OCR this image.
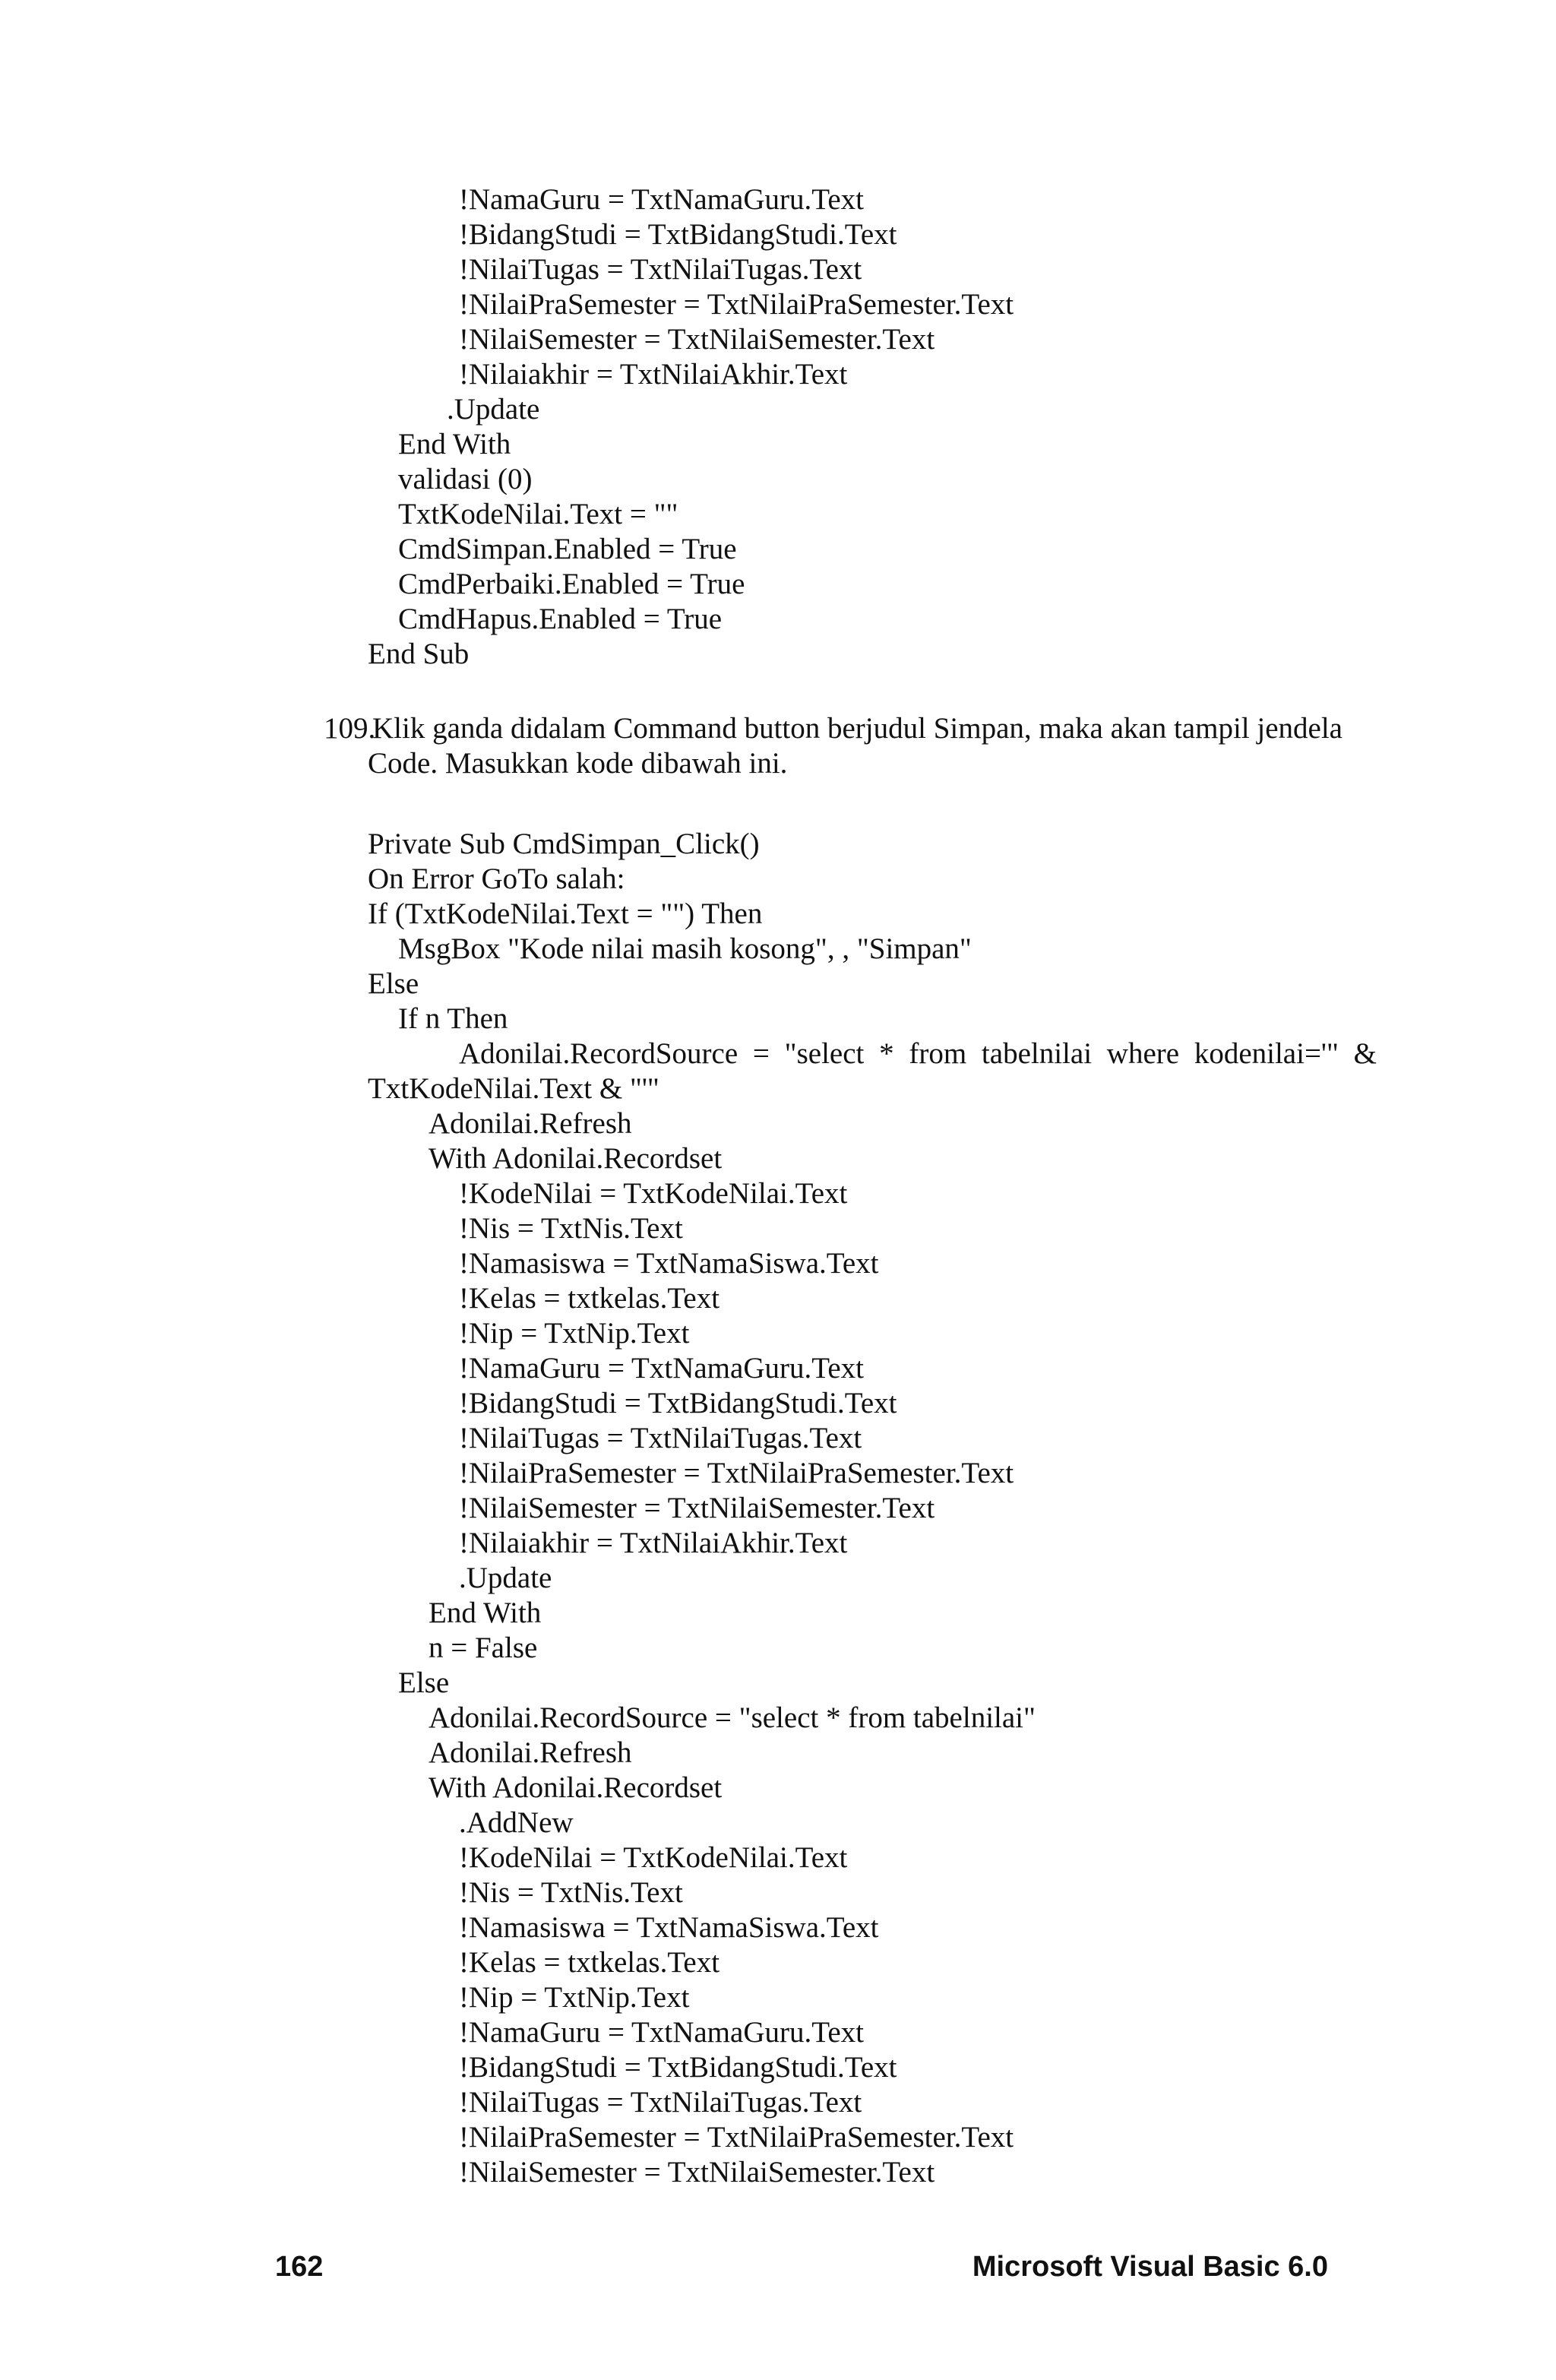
!NamaGuru = TxtNamaGuru.Text
!BidangStudi = TxtBidangStudi.Text
!NilaiTugas = TxtNilaiTugas.Text
!NilaiPraSemester = TxtNilaiPraSemester.Text
!NilaiSemester = TxtNilaiSemester.Text
!Nilaiakhir = TxtNilaiAkhir.Text
.Update
End With
validasi (0)
TxtKodeNilai.Text = ""
CmdSimpan.Enabled = True
CmdPerbaiki.Enabled = True
CmdHapus.Enabled = True
End Sub
109.
Klik ganda didalam Command button berjudul Simpan, maka akan tampil jendela
Code. Masukkan kode dibawah ini.
Private Sub CmdSimpan_Click()
On Error GoTo salah:
If (TxtKodeNilai.Text = "") Then
MsgBox "Kode nilai masih kosong", , "Simpan"
Else
If n Then
Adonilai.RecordSource = "select * from tabelnilai where kodenilai='" &
TxtKodeNilai.Text & "'"
Adonilai.Refresh
With Adonilai.Recordset
!KodeNilai = TxtKodeNilai.Text
!Nis = TxtNis.Text
!Namasiswa = TxtNamaSiswa.Text
!Kelas = txtkelas.Text
!Nip = TxtNip.Text
!NamaGuru = TxtNamaGuru.Text
!BidangStudi = TxtBidangStudi.Text
!NilaiTugas = TxtNilaiTugas.Text
!NilaiPraSemester = TxtNilaiPraSemester.Text
!NilaiSemester = TxtNilaiSemester.Text
!Nilaiakhir = TxtNilaiAkhir.Text
.Update
End With
n = False
Else
Adonilai.RecordSource = "select * from tabelnilai"
Adonilai.Refresh
With Adonilai.Recordset
.AddNew
!KodeNilai = TxtKodeNilai.Text
!Nis = TxtNis.Text
!Namasiswa = TxtNamaSiswa.Text
!Kelas = txtkelas.Text
!Nip = TxtNip.Text
!NamaGuru = TxtNamaGuru.Text
!BidangStudi = TxtBidangStudi.Text
!NilaiTugas = TxtNilaiTugas.Text
!NilaiPraSemester = TxtNilaiPraSemester.Text
!NilaiSemester = TxtNilaiSemester.Text
162	Microsoft Visual Basic 6.0
